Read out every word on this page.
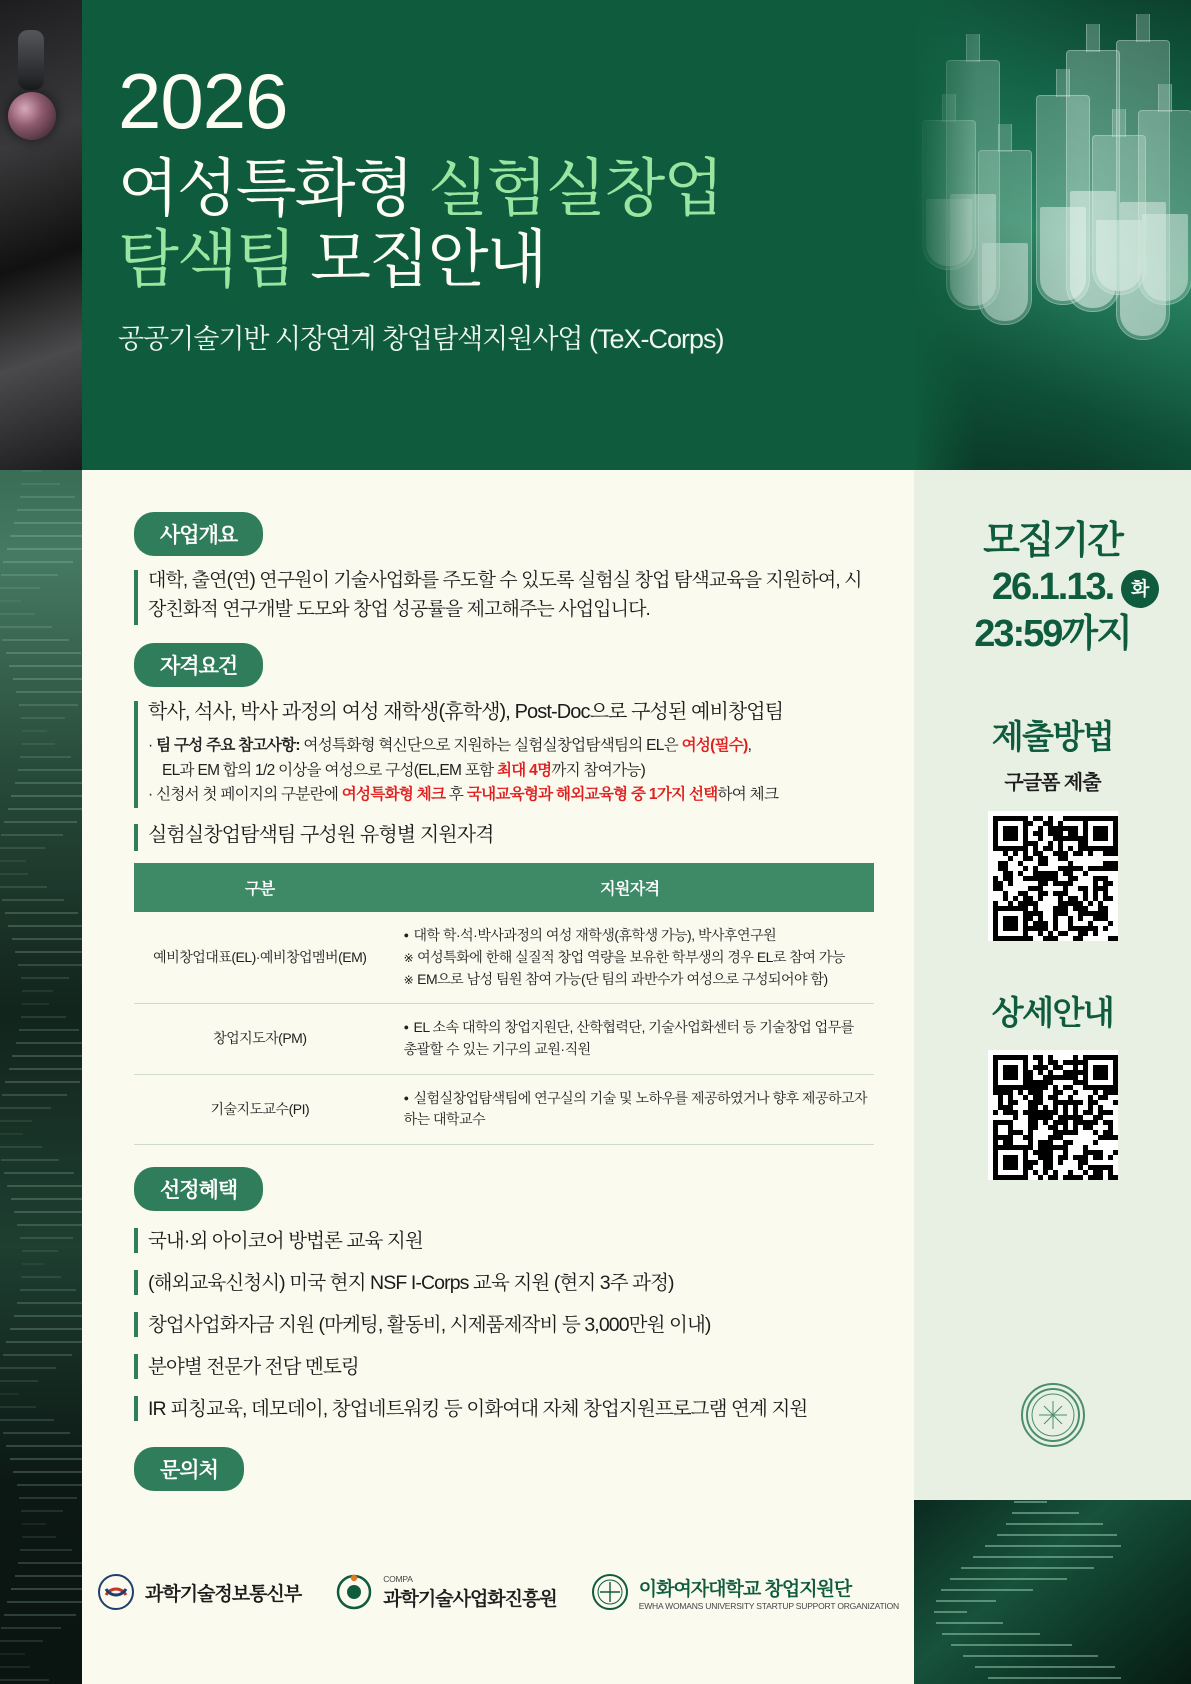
2026
여성특화형 실험실창업
탐색팀 모집안내
공공기술기반 시장연계 창업탐색지원사업 (TeX-Corps)
모집기간
26.1.13. 화
23:59까지
제출방법
구글폼 제출
상세안내
사업개요
대학, 출연(연) 연구원이 기술사업화를 주도할 수 있도록 실험실 창업 탐색교육을 지원하여, 시장친화적 연구개발 도모와 창업 성공률을 제고해주는 사업입니다.
자격요건
학사, 석사, 박사 과정의 여성 재학생(휴학생), Post-Doc으로 구성된 예비창업팀
· 팀 구성 주요 참고사항: 여성특화형 혁신단으로 지원하는 실험실창업탐색팀의 EL은 여성(필수),
EL과 EM 합의 1/2 이상을 여성으로 구성(EL,EM 포함 최대 4명까지 참여가능)
· 신청서 첫 페이지의 구분란에 여성특화형 체크 후 국내교육형과 해외교육형 중 1가지 선택하여 체크
실험실창업탐색팀 구성원 유형별 지원자격
구분	지원자격
예비창업대표(EL)·예비창업멤버(EM)	● 대학 학·석·박사과정의 여성 재학생(휴학생 가능), 박사후연구원
※ 여성특화에 한해 실질적 창업 역량을 보유한 학부생의 경우 EL로 참여 가능
※ EM으로 남성 팀원 참여 가능(단 팀의 과반수가 여성으로 구성되어야 함)

창업지도자(PM)	● EL 소속 대학의 창업지원단, 산학협력단, 기술사업화센터 등 기술창업 업무를 총괄할 수 있는 기구의 교원·직원

기술지도교수(PI)	● 실험실창업탐색팀에 연구실의 기술 및 노하우를 제공하였거나 향후 제공하고자 하는 대학교수
선정혜택
국내·외 아이코어 방법론 교육 지원
(해외교육신청시) 미국 현지 NSF I-Corps 교육 지원 (현지 3주 과정)
창업사업화자금 지원 (마케팅, 활동비, 시제품제작비 등 3,000만원 이내)
분야별 전문가 전담 멘토링
IR 피칭교육, 데모데이, 창업네트워킹 등 이화여대 자체 창업지원프로그램 연계 지원
문의처
과학기술정보통신부
COMPA
과학기술사업화진흥원	이화여자대학교 창업지원단
EWHA WOMANS UNIVERSITY STARTUP SUPPORT ORGANIZATION
